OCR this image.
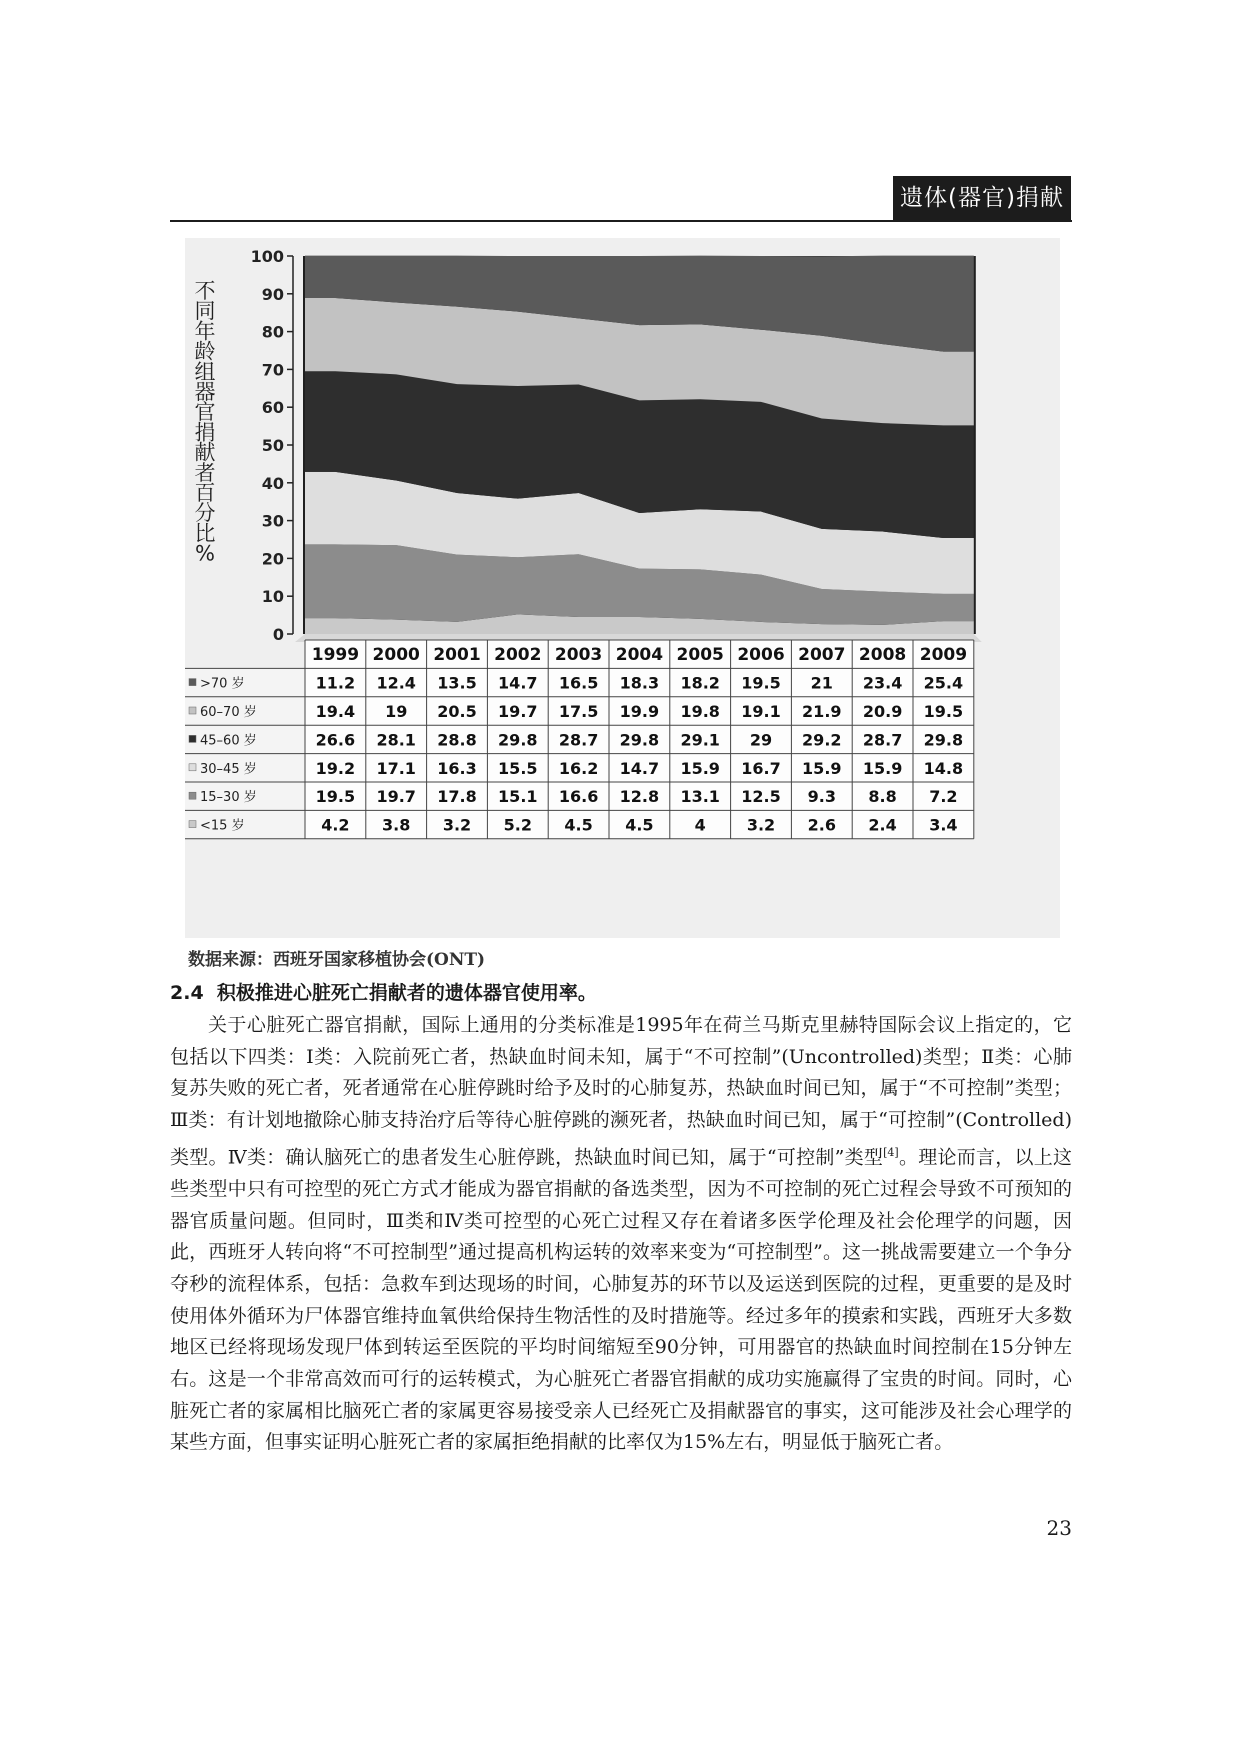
遗体(器官)捐献
0
10
20
30
40
50
60
70
80
90
100
不
同
年
龄
组
器
官
捐
献
者
百
分
比
%
1999 2000 2001 2002 2003 2004 2005 2006 2007 2008 2009
>70 岁	11.2 12.4 13.5 14.7 16.5 18.3 18.2 19.5 21 23.4 25.4
60–70 岁	19.4 19 20.5 19.7 17.5 19.9 19.8 19.1 21.9 20.9 19.5
45–60 岁	26.6 28.1 28.8 29.8 28.7 29.8 29.1 29 29.2 28.7 29.8
30–45 岁	19.2 17.1 16.3 15.5 16.2 14.7 15.9 16.7 15.9 15.9 14.8
15–30 岁	19.5 19.7 17.8 15.1 16.6 12.8 13.1 12.5 9.3 8.8 7.2
<15 岁	4.2 3.8 3.2 5.2 4.5 4.5	4	3.2 2.6 2.4 3.4
数据来源：西班牙国家移植协会(ONT)
2.4 积极推进心脏死亡捐献者的遗体器官使用率。

关于心脏死亡器官捐献，国际上通用的分类标准是1995年在荷兰马斯克里赫特国际会议上指定的，它包括以下四类：Ⅰ类：入院前死亡者，热缺血时间未知，属于“不可控制”(Uncontrolled)类型；Ⅱ类：心肺复苏失败的死亡者，死者通常在心脏停跳时给予及时的心肺复苏，热缺血时间已知，属于“不可控制”类型；Ⅲ类：有计划地撤除心肺支持治疗后等待心脏停跳的濒死者，热缺血时间已知，属于“可控制”(Controlled)类型。Ⅳ类：确认脑死亡的患者发生心脏停跳，热缺血时间已知，属于“可控制”类型[4]。理论而言，以上这些类型中只有可控型的死亡方式才能成为器官捐献的备选类型，因为不可控制的死亡过程会导致不可预知的器官质量问题。但同时，Ⅲ类和Ⅳ类可控型的心死亡过程又存在着诸多医学伦理及社会伦理学的问题，因此，西班牙人转向将“不可控制型”通过提高机构运转的效率来变为“可控制型”。这一挑战需要建立一个争分夺秒的流程体系，包括：急救车到达现场的时间，心肺复苏的环节以及运送到医院的过程，更重要的是及时使用体外循环为尸体器官维持血氧供给保持生物活性的及时措施等。经过多年的摸索和实践，西班牙大多数地区已经将现场发现尸体到转运至医院的平均时间缩短至90分钟，可用器官的热缺血时间控制在15分钟左右。这是一个非常高效而可行的运转模式，为心脏死亡者器官捐献的成功实施赢得了宝贵的时间。同时，心脏死亡者的家属相比脑死亡者的家属更容易接受亲人已经死亡及捐献器官的事实，这可能涉及社会心理学的某些方面，但事实证明心脏死亡者的家属拒绝捐献的比率仅为15%左右，明显低于脑死亡者。

23
